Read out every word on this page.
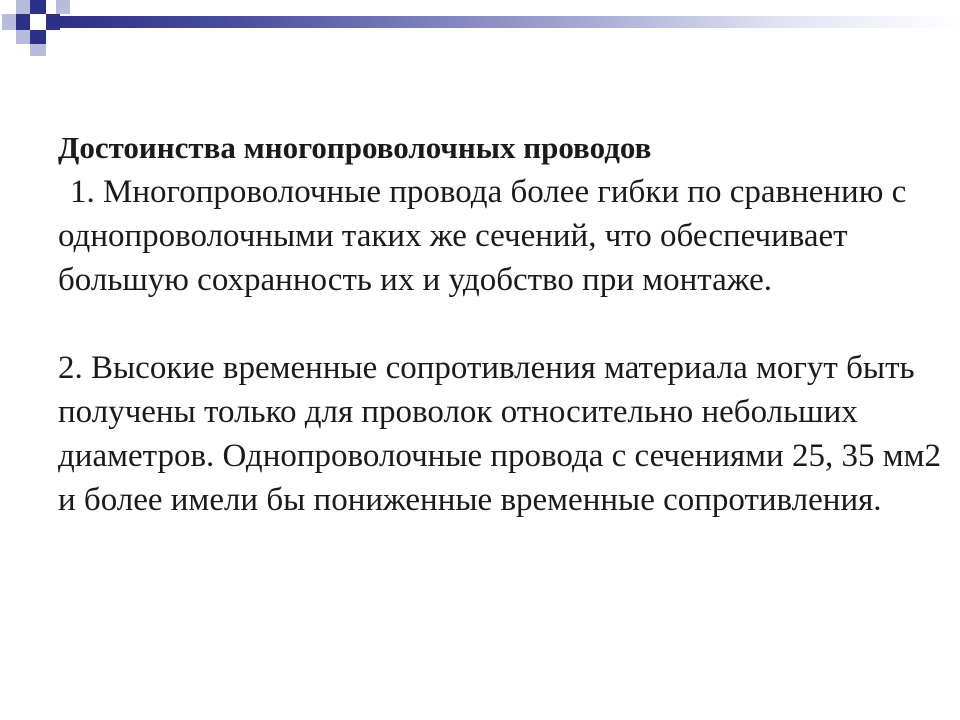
Достоинства многопроволочных проводов

1. Многопроволочные провода более гибки по сравнению с однопроволочными таких же сечений, что обеспечивает большую сохранность их и удобство при монтаже.

2. Высокие временные сопротивления материала могут быть получены только для проволок относительно небольших диаметров. Однопроволочные провода с сечениями 25, 35 мм2 и более имели бы пониженные временные сопротивления.
